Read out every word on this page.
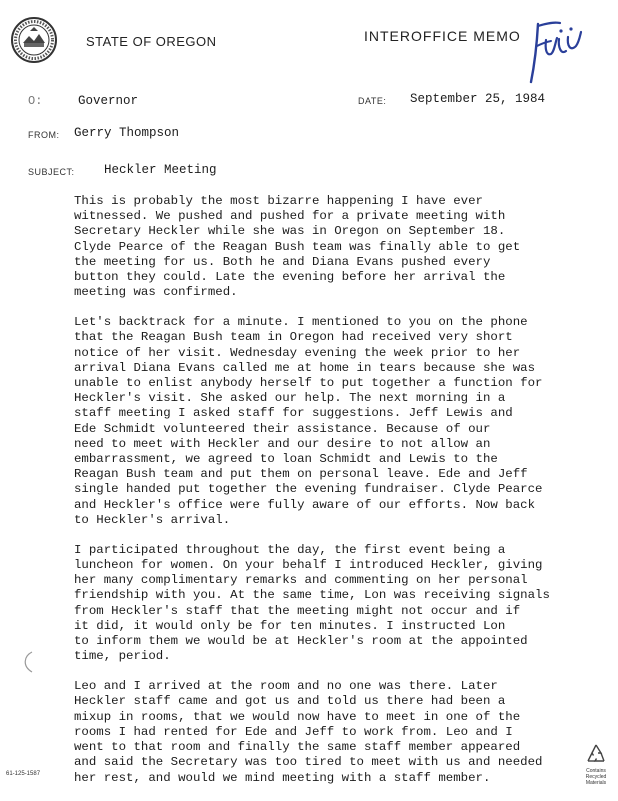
STATE OF OREGON	INTEROFFICE MEMO
O:	Governor	DATE: September 25, 1984
FROM: Gerry Thompson
SUBJECT: Heckler Meeting

This is probably the most bizarre happening I have ever
witnessed. We pushed and pushed for a private meeting with
Secretary Heckler while she was in Oregon on September 18.
Clyde Pearce of the Reagan Bush team was finally able to get
the meeting for us. Both he and Diana Evans pushed every
button they could. Late the evening before her arrival the
meeting was confirmed.

Let's backtrack for a minute. I mentioned to you on the phone
that the Reagan Bush team in Oregon had received very short
notice of her visit. Wednesday evening the week prior to her
arrival Diana Evans called me at home in tears because she was
unable to enlist anybody herself to put together a function for
Heckler's visit. She asked our help. The next morning in a
staff meeting I asked staff for suggestions. Jeff Lewis and
Ede Schmidt volunteered their assistance. Because of our
need to meet with Heckler and our desire to not allow an
embarrassment, we agreed to loan Schmidt and Lewis to the
Reagan Bush team and put them on personal leave. Ede and Jeff
single handed put together the evening fundraiser. Clyde Pearce
and Heckler's office were fully aware of our efforts. Now back
to Heckler's arrival.

I participated throughout the day, the first event being a
luncheon for women. On your behalf I introduced Heckler, giving
her many complimentary remarks and commenting on her personal
friendship with you. At the same time, Lon was receiving signals
from Heckler's staff that the meeting might not occur and if
it did, it would only be for ten minutes. I instructed Lon
to inform them we would be at Heckler's room at the appointed
time, period.

Leo and I arrived at the room and no one was there. Later
Heckler staff came and got us and told us there had been a
mixup in rooms, that we would now have to meet in one of the
rooms I had rented for Ede and Jeff to work from. Leo and I
went to that room and finally the same staff member appeared
and said the Secretary was too tired to meet with us and needed
her rest, and would we mind meeting with a staff member.

61-125-1587	Contains
Recycled
Materials
